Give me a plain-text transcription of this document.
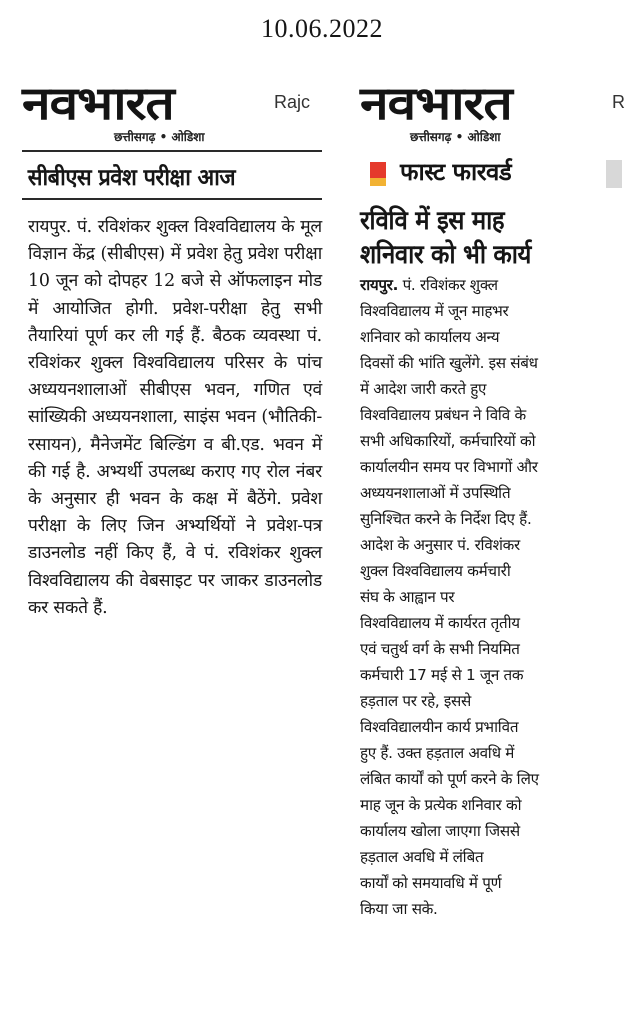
10.06.2022
नवभारत
छत्तीसगढ़ • ओडिशा
Rajc
सीबीएस प्रवेश परीक्षा आज

रायपुर. पं. रविशंकर शुक्ल विश्वविद्यालय के मूल विज्ञान केंद्र (सीबीएस) में प्रवेश हेतु प्रवेश परीक्षा 10 जून को दोपहर 12 बजे से ऑफलाइन मोड में आयोजित होगी. प्रवेश-परीक्षा हेतु सभी तैयारियां पूर्ण कर ली गई हैं. बैठक व्यवस्था पं. रविशंकर शुक्ल विश्वविद्यालय परिसर के पांच अध्ययनशालाओं सीबीएस भवन, गणित एवं सांख्यिकी अध्ययनशाला, साइंस भवन (भौतिकी-रसायन), मैनेजमेंट बिल्डिंग व बी.एड. भवन में की गई है. अभ्यर्थी उपलब्ध कराए गए रोल नंबर के अनुसार ही भवन के कक्ष में बैठेंगे. प्रवेश परीक्षा के लिए जिन अभ्यर्थियों ने प्रवेश-पत्र डाउनलोड नहीं किए हैं, वे पं. रविशंकर शुक्ल विश्वविद्यालय की वेबसाइट पर जाकर डाउनलोड कर सकते हैं.

नवभारत
छत्तीसगढ़ • ओडिशा
R
फास्ट फारवर्ड
रविवि में इस माह
शनिवार को भी कार्य

रायपुर. पं. रविशंकर शुक्ल
विश्वविद्यालय में जून माहभर
शनिवार को कार्यालय अन्य
दिवसों की भांति खुलेंगे. इस संबंध
में आदेश जारी करते हुए
विश्वविद्यालय प्रबंधन ने विवि के
सभी अधिकारियों, कर्मचारियों को
कार्यालयीन समय पर विभागों और
अध्ययनशालाओं में उपस्थिति
सुनिश्चित करने के निर्देश दिए हैं.
आदेश के अनुसार पं. रविशंकर
शुक्ल विश्वविद्यालय कर्मचारी
संघ के आह्वान पर
विश्वविद्यालय में कार्यरत तृतीय
एवं चतुर्थ वर्ग के सभी नियमित
कर्मचारी 17 मई से 1 जून तक
हड़ताल पर रहे, इससे
विश्वविद्यालयीन कार्य प्रभावित
हुए हैं. उक्त हड़ताल अवधि में
लंबित कार्यों को पूर्ण करने के लिए
माह जून के प्रत्येक शनिवार को
कार्यालय खोला जाएगा जिससे
हड़ताल अवधि में लंबित
कार्यों को समयावधि में पूर्ण
किया जा सके.
